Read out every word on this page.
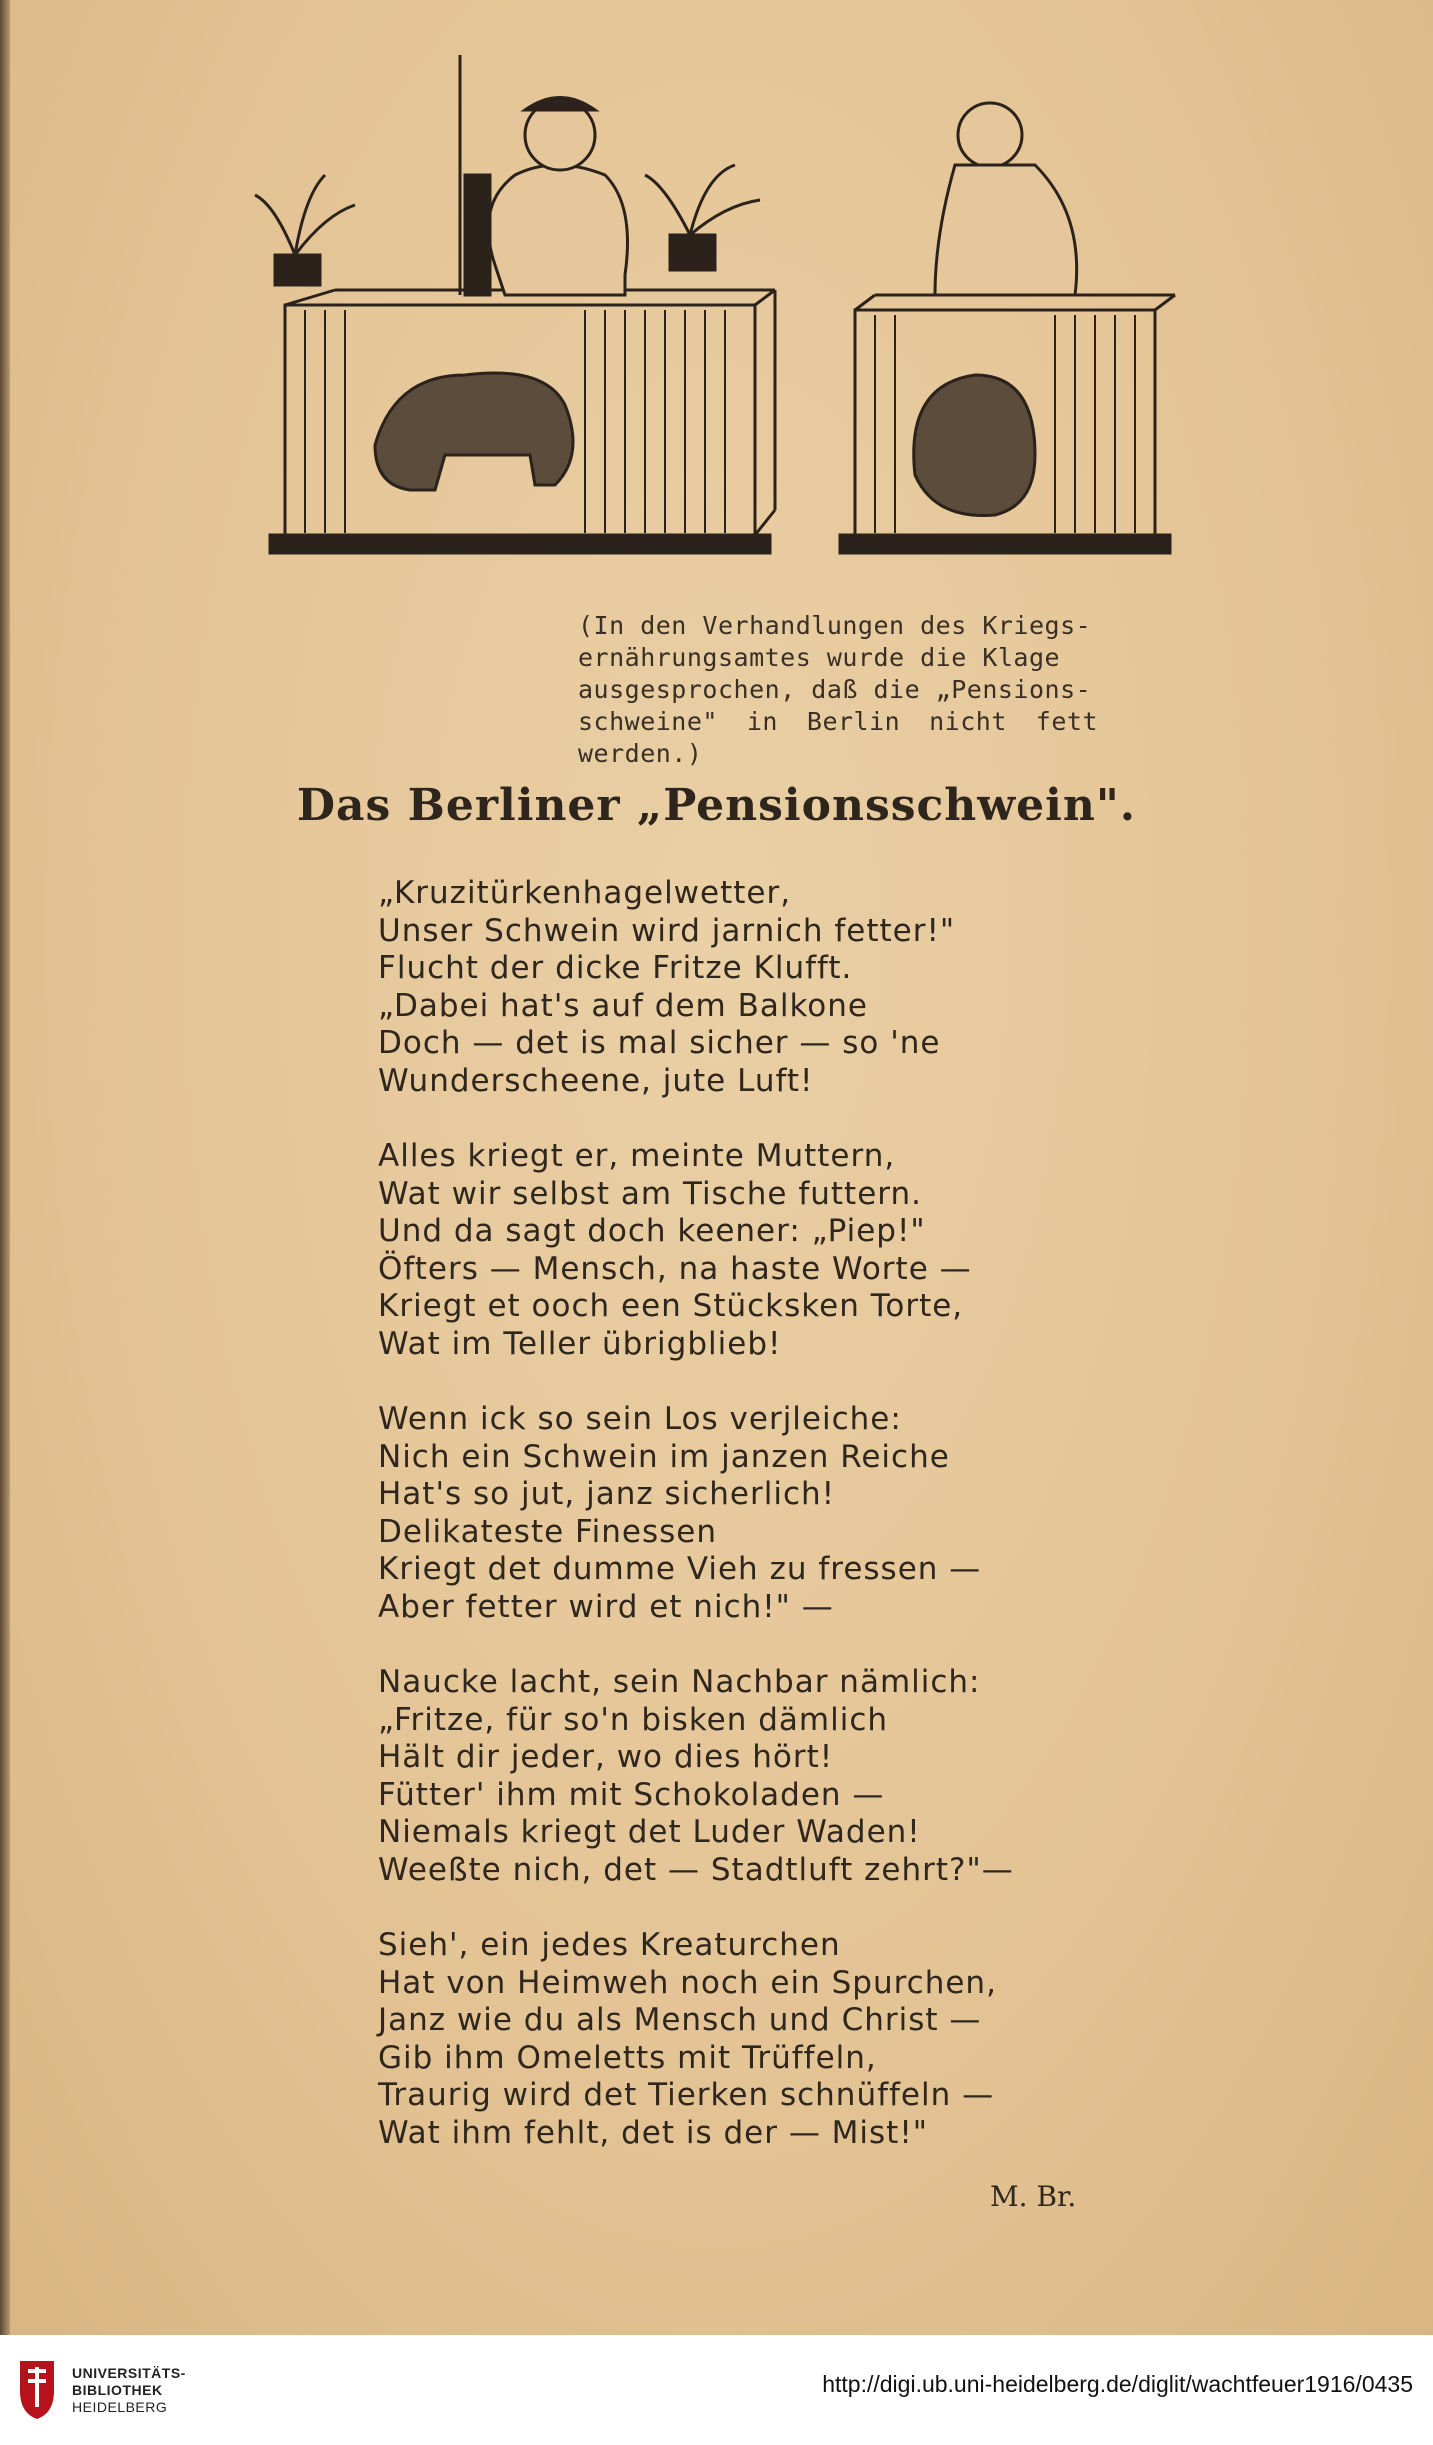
(In den Verhandlungen des Kriegs-
ernährungsamtes wurde die Klage
ausgesprochen, daß die „Pensions-
schweine" in Berlin nicht fett werden.)
Das Berliner „Pensionsschwein".
„Kruzitürkenhagelwetter,
Unser Schwein wird jarnich fetter!"
Flucht der dicke Fritze Klufft.
„Dabei hat's auf dem Balkone
Doch — det is mal sicher — so 'ne
Wunderscheene, jute Luft!
Alles kriegt er, meinte Muttern,
Wat wir selbst am Tische futtern.
Und da sagt doch keener: „Piep!"
Öfters — Mensch, na haste Worte —
Kriegt et ooch een Stücksken Torte,
Wat im Teller übrigblieb!
Wenn ick so sein Los verjleiche:
Nich ein Schwein im janzen Reiche
Hat's so jut, janz sicherlich!
Delikateste Finessen
Kriegt det dumme Vieh zu fressen —
Aber fetter wird et nich!" —
Naucke lacht, sein Nachbar nämlich:
„Fritze, für so'n bisken dämlich
Hält dir jeder, wo dies hört!
Fütter' ihm mit Schokoladen —
Niemals kriegt det Luder Waden!
Weeßte nich, det — Stadtluft zehrt?"—
Sieh', ein jedes Kreaturchen
Hat von Heimweh noch ein Spurchen,
Janz wie du als Mensch und Christ —
Gib ihm Omeletts mit Trüffeln,
Traurig wird det Tierken schnüffeln —
Wat ihm fehlt, det is der — Mist!"
M. Br.
UNIVERSITÄTS-
BIBLIOTHEK
HEIDELBERG
http://digi.ub.uni-heidelberg.de/diglit/wachtfeuer1916/0435
